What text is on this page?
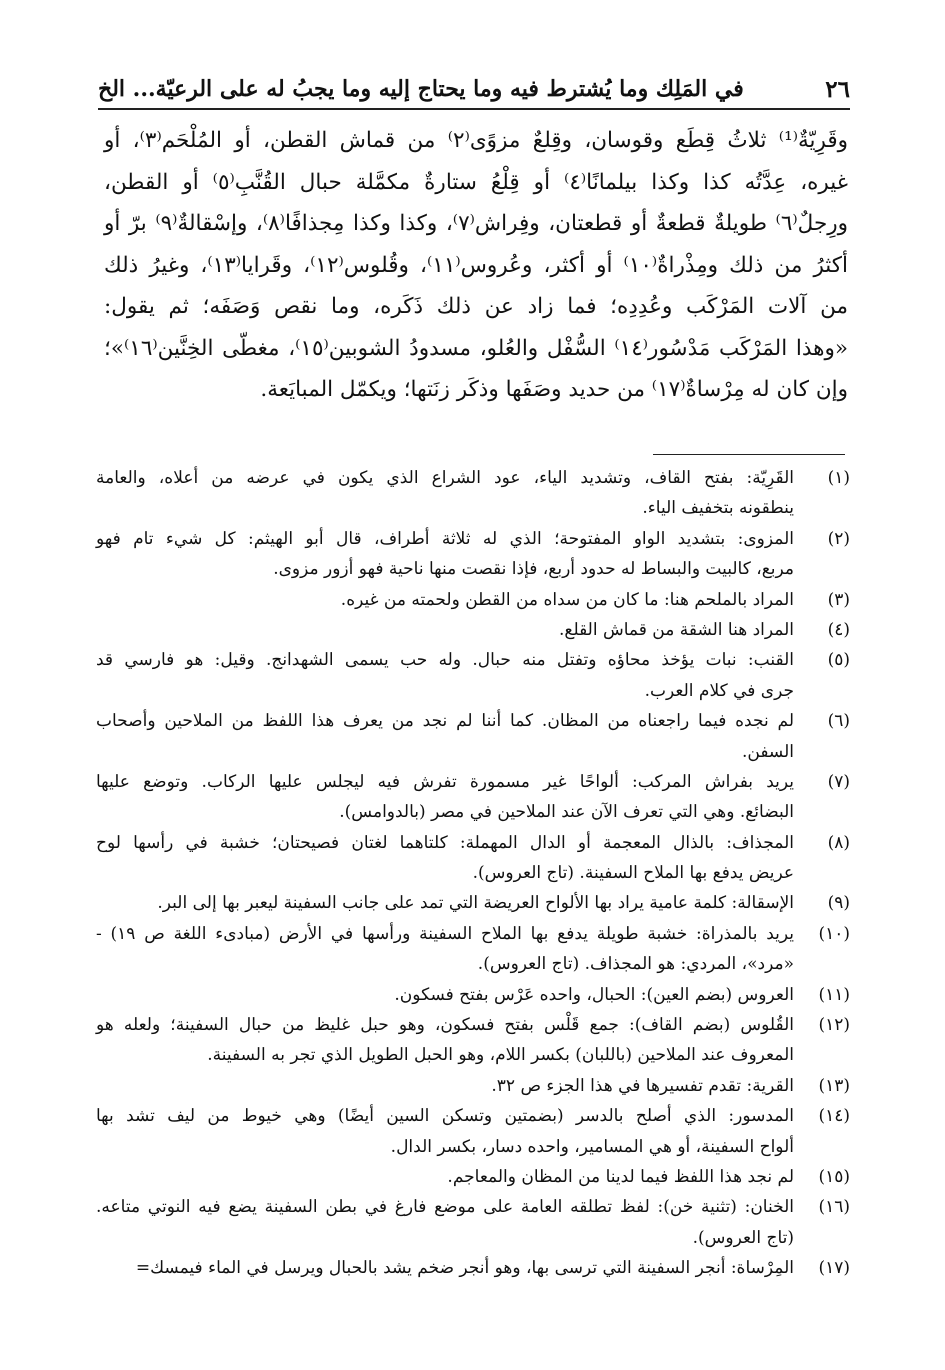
٢٦
في المَلِك وما يُشترط فيه وما يحتاج إليه وما يجبُ له على الرعيّة... الخ
وقَرِيّةٌ⁽¹⁾ ثلاثُ قِطَع وقوسان، وقِلعٌ مزوًى⁽٢⁾ من قماش القطن، أو المُلْحَم⁽٣⁾، أو
غيره، عِدَّتُه كذا وكذا بيلمانًا⁽٤⁾ أو قِلْعُ ستارةٌ مكمَّلة حبال القُنَّبِ⁽٥⁾ أو القطن،
ورِجلٌ⁽٦⁾ طويلةٌ قطعةٌ أو قطعتان، وفِراش⁽٧⁾، وكذا وكذا مِجذافًا⁽٨⁾، وإسْقالةٌ⁽٩⁾ برّ أو
أكثرُ من ذلك ومِذْراةٌ⁽١٠⁾ أو أكثر، وعُروس⁽١١⁾، وقُلوس⁽١٢⁾، وقَرايا⁽١٣⁾، وغيرُ ذلك
من آلات المَرْكَب وعُدِدِه؛ فما زاد عن ذلك ذَكَره، وما نقص وَصَفَه؛ ثم يقول:
«وهذا المَرْكَب مَدْسُور⁽١٤⁾ السُّفْل والعُلو، مسدودُ الشوبين⁽١٥⁾، مغطّى الخِنَّين⁽١٦⁾»؛
وإن كان له مِرْساةٌ⁽١٧⁾ من حديد وصَفَها وذكَر زنَتها؛ ويكمّل المبايَعة.
(١)
القَرِيّة: بفتح القاف، وتشديد الياء، عود الشراع الذي يكون في عرضه من أعلاه، والعامة
ينطقونه بتخفيف الياء.
(٢)
المزوى: بتشديد الواو المفتوحة؛ الذي له ثلاثة أطراف، قال أبو الهيثم: كل شيء تام فهو
مربع، كالبيت والبساط له حدود أربع، فإذا نقصت منها ناحية فهو أزور مزوى.
(٣)
المراد بالملحم هنا: ما كان من سداه من القطن ولحمته من غيره.
(٤)
المراد هنا الشقة من قماش القلع.
(٥)
القنب: نبات يؤخذ محاؤه وتفتل منه حبال. وله حب يسمى الشهدانج. وقيل: هو فارسي قد
جرى في كلام العرب.
(٦)
لم نجده فيما راجعناه من المظان. كما أننا لم نجد من يعرف هذا اللفظ من الملاحين وأصحاب
السفن.
(٧)
يريد بفراش المركب: ألواحًا غير مسمورة تفرش فيه ليجلس عليها الركاب. وتوضع عليها
البضائع. وهي التي تعرف الآن عند الملاحين في مصر (بالدوامس).
(٨)
المجذاف: بالذال المعجمة أو الدال المهملة: كلتاهما لغتان فصيحتان؛ خشبة في رأسها لوح
عريض يدفع بها الملاح السفينة. (تاج العروس).
(٩)
الإسقالة: كلمة عامية يراد بها الألواح العريضة التي تمد على جانب السفينة ليعبر بها إلى البر.
(١٠)
يريد بالمذراة: خشبة طويلة يدفع بها الملاح السفينة ورأسها في الأرض (مبادىء اللغة ص ١٩) -
«مرد»، المردي: هو المجذاف. (تاج العروس).
(١١)
العروس (بضم العين): الحبال، واحده عَرْس بفتح فسكون.
(١٢)
القُلوس (بضم القاف): جمع قَلْس بفتح فسكون، وهو حبل غليظ من حبال السفينة؛ ولعله هو
المعروف عند الملاحين (باللبان) بكسر اللام، وهو الحبل الطويل الذي تجر به السفينة.
(١٣)
القرية: تقدم تفسيرها في هذا الجزء ص ٣٢.
(١٤)
المدسور: الذي أصلح بالدسر (بضمتين وتسكن السين أيضًا) وهي خيوط من ليف تشد بها
ألواح السفينة، أو هي المسامير، واحده دسار، بكسر الدال.
(١٥)
لم نجد هذا اللفظ فيما لدينا من المظان والمعاجم.
(١٦)
الخنان: (تثنية خن): لفظ تطلقه العامة على موضع فارغ في بطن السفينة يضع فيه النوتي متاعه.
(تاج العروس).
(١٧)
المِرْساة: أنجر السفينة التي ترسى بها، وهو أنجر ضخم يشد بالحبال ويرسل في الماء فيمسك=
